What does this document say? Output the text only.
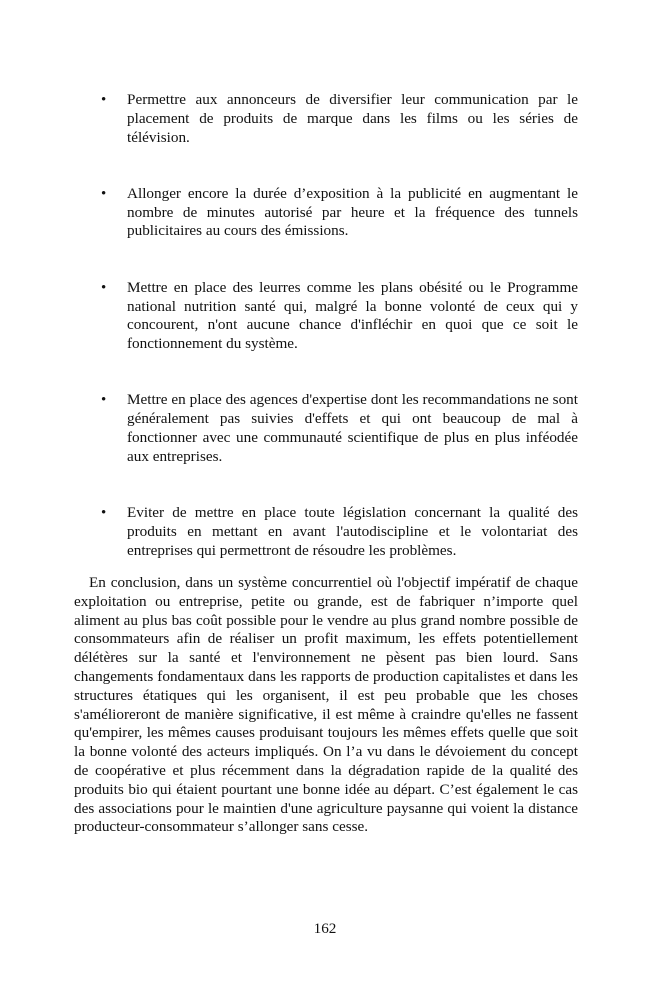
•	Permettre aux annonceurs de diversifier leur communication par le placement de produits de marque dans les films ou les séries de télévision.

•	Allonger encore la durée d’exposition à la publicité en augmentant le nombre de minutes autorisé par heure et la fréquence des tunnels publicitaires au cours des émissions.

•	Mettre en place des leurres comme les plans obésité ou le Programme national nutrition santé qui, malgré la bonne volonté de ceux qui y concourent, n'ont aucune chance d'infléchir en quoi que ce soit le fonctionnement du système.

•	Mettre en place des agences d'expertise dont les recommandations ne sont généralement pas suivies d'effets et qui ont beaucoup de mal à fonctionner avec une communauté scientifique de plus en plus inféodée aux entreprises.

•	Eviter de mettre en place toute législation concernant la qualité des produits en mettant en avant l'autodiscipline et le volontariat des entreprises qui permettront de résoudre les problèmes.

En conclusion, dans un système concurrentiel où l'objectif impératif de chaque exploitation ou entreprise, petite ou grande, est de fabriquer n’importe quel aliment au plus bas coût possible pour le vendre au plus grand nombre possible de consommateurs afin de réaliser un profit maximum, les effets potentiellement délétères sur la santé et l'environnement ne pèsent pas bien lourd. Sans changements fondamentaux dans les rapports de production capitalistes et dans les structures étatiques qui les organisent, il est peu probable que les choses s'amélioreront de manière significative, il est même à craindre qu'elles ne fassent qu'empirer, les mêmes causes produisant toujours les mêmes effets quelle que soit la bonne volonté des acteurs impliqués. On l’a vu dans le dévoiement du concept de coopérative et plus récemment dans la dégradation rapide de la qualité des produits bio qui étaient pourtant une bonne idée au départ. C’est également le cas des associations pour le maintien d'une agriculture paysanne qui voient la distance producteur-consommateur s’allonger sans cesse.

162
